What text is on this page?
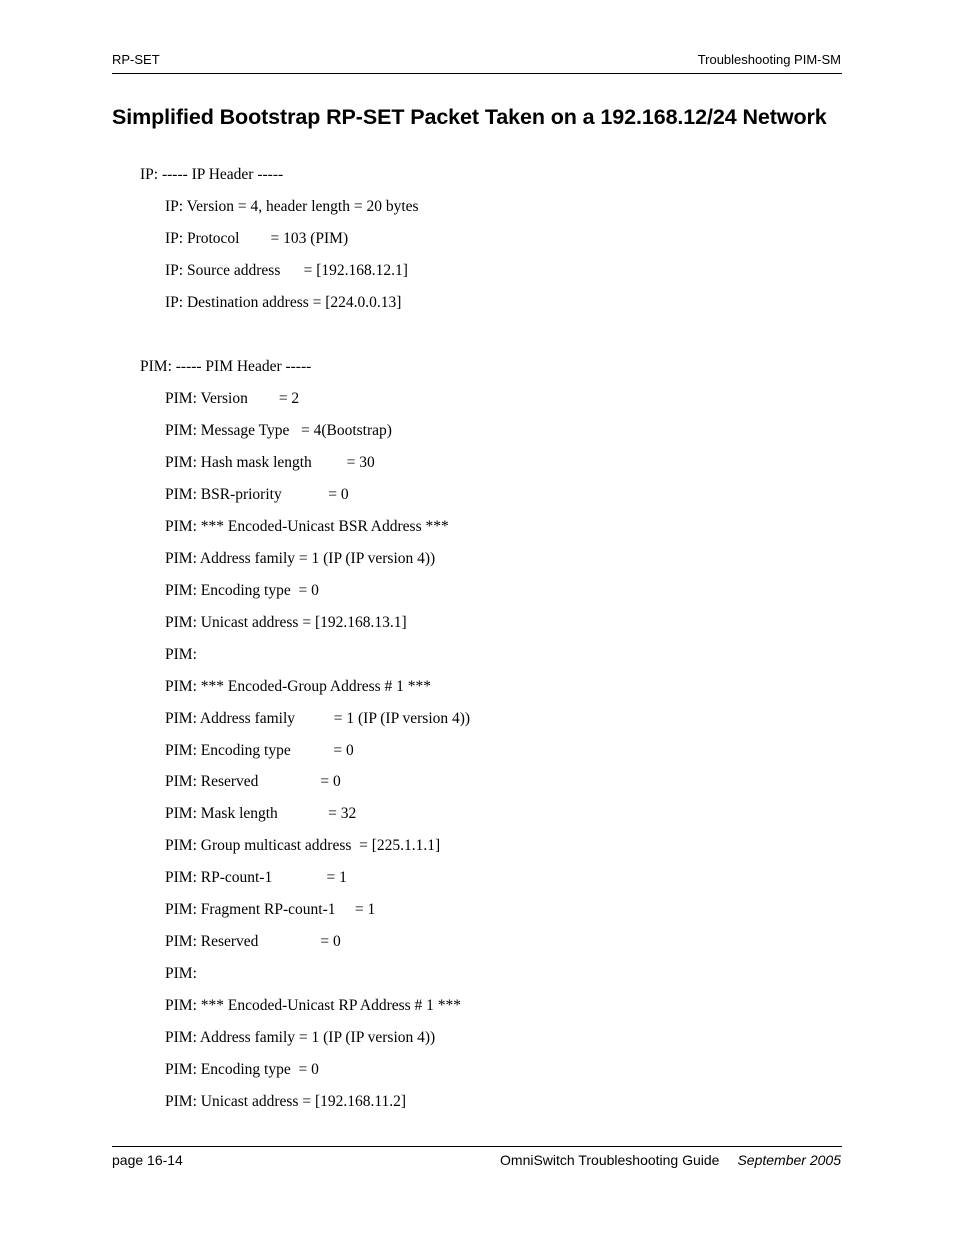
RP-SET	Troubleshooting PIM-SM
Simplified Bootstrap RP-SET Packet Taken on a 192.168.12/24 Network
IP: ----- IP Header -----
IP: Version = 4, header length = 20 bytes
IP: Protocol        = 103 (PIM)
IP: Source address      = [192.168.12.1]
IP: Destination address = [224.0.0.13]
PIM: ----- PIM Header -----
PIM: Version        = 2
PIM: Message Type   = 4(Bootstrap)
PIM: Hash mask length         = 30
PIM: BSR-priority            = 0
PIM: *** Encoded-Unicast BSR Address ***
PIM: Address family = 1 (IP (IP version 4))
PIM: Encoding type  = 0
PIM: Unicast address = [192.168.13.1]
PIM:
PIM: *** Encoded-Group Address # 1 ***
PIM: Address family          = 1 (IP (IP version 4))
PIM: Encoding type           = 0
PIM: Reserved                = 0
PIM: Mask length             = 32
PIM: Group multicast address  = [225.1.1.1]
PIM: RP-count-1              = 1
PIM: Fragment RP-count-1     = 1
PIM: Reserved                = 0
PIM:
PIM: *** Encoded-Unicast RP Address # 1 ***
PIM: Address family = 1 (IP (IP version 4))
PIM: Encoding type  = 0
PIM: Unicast address = [192.168.11.2]
page 16-14	OmniSwitch Troubleshooting Guide September 2005
